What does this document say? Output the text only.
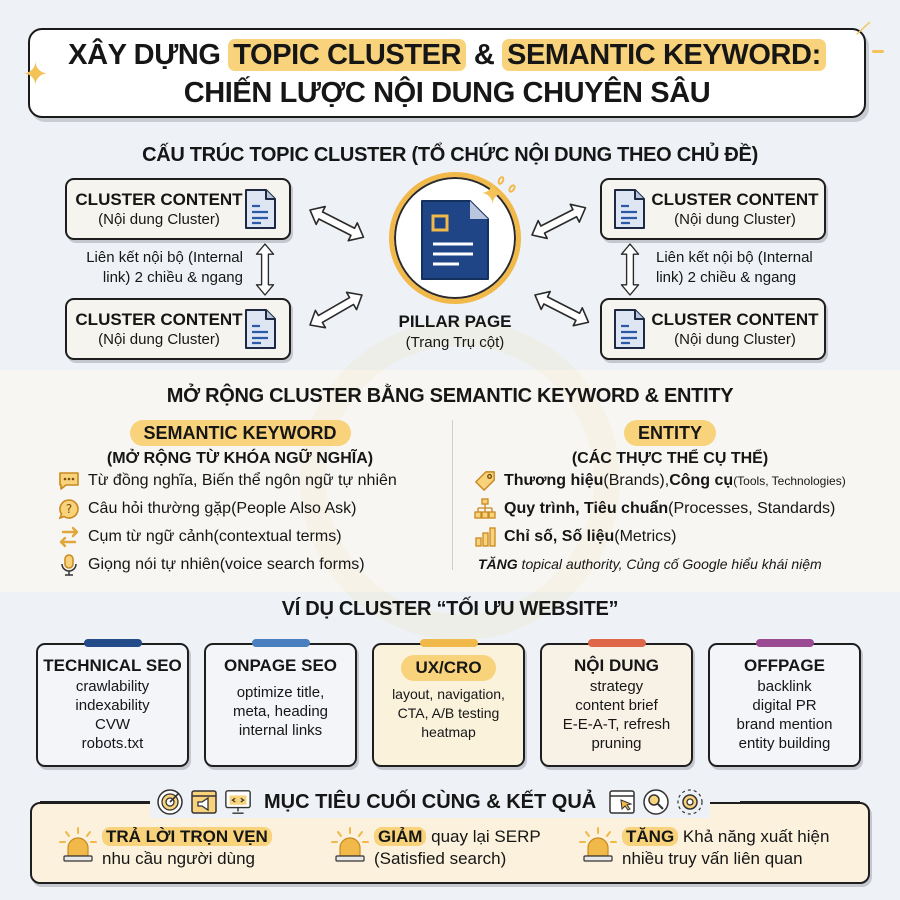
XÂY DỰNG TOPIC CLUSTER & SEMANTIC KEYWORD:
CHIẾN LƯỢC NỘI DUNG CHUYÊN SÂU
✦
⁄
CẤU TRÚC TOPIC CLUSTER (TỔ CHỨC NỘI DUNG THEO CHỦ ĐỀ)
CLUSTER CONTENT
(Nội dung Cluster)
CLUSTER CONTENT
(Nội dung Cluster)
CLUSTER CONTENT
(Nội dung Cluster)
CLUSTER CONTENT
(Nội dung Cluster)
Liên kết nội bộ (Internal
link) 2 chiều & ngang
Liên kết nội bộ (Internal
link) 2 chiều & ngang
✦
PILLAR PAGE
(Trang Trụ cột)
MỞ RỘNG CLUSTER BẰNG SEMANTIC KEYWORD & ENTITY
SEMANTIC KEYWORD
(MỞ RỘNG TỪ KHÓA NGỮ NGHĨA)
Từ đồng nghĩa, Biến thể ngôn ngữ tự nhiên
? Câu hỏi thường gặp (People Also Ask)
Cụm từ ngữ cảnh (contextual terms)
Giọng nói tự nhiên (voice search forms)
ENTITY
(CÁC THỰC THỂ CỤ THỂ)
Thương hiệu (Brands), Công cụ (Tools, Technologies)
Quy trình, Tiêu chuẩn (Processes, Standards)
Chỉ số, Số liệu (Metrics)
TĂNG topical authority, Củng cố Google hiểu khái niệm
VÍ DỤ CLUSTER “TỐI ƯU WEBSITE”
TECHNICAL SEO
crawlability
indexability
CVW
robots.txt
ONPAGE SEO
optimize title,
meta, heading
internal links
UX/CRO
layout, navigation,
CTA, A/B testing
heatmap
NỘI DUNG
strategy
content brief
E-E-A-T, refresh
pruning
OFFPAGE
backlink
digital PR
brand mention
entity building
MỤC TIÊU CUỐI CÙNG & KẾT QUẢ
TRẢ LỜI TRỌN VẸN
nhu cầu người dùng
GIẢM quay lại SERP
(Satisfied search)
TĂNG Khả năng xuất hiện
nhiều truy vấn liên quan
